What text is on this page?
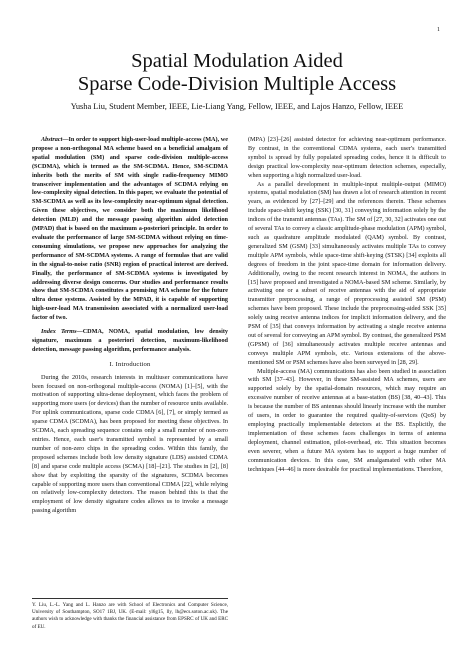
1
Spatial Modulation Aided
Sparse Code-Division Multiple Access
Yusha Liu, Student Member, IEEE, Lie-Liang Yang, Fellow, IEEE, and Lajos Hanzo, Fellow, IEEE

Abstract—In order to support high-user-load multiple-access (MA), we propose a non-orthogonal MA scheme based on a beneficial amalgam of spatial modulation (SM) and sparse code-division multiple-access (SCDMA), which is termed as the SM-SCDMA. Hence, SM-SCDMA inherits both the merits of SM with single radio-frequency MIMO transceiver implementation and the advantages of SCDMA relying on low-complexity signal detection. In this paper, we evaluate the potential of SM-SCDMA as well as its low-complexity near-optimum signal detection. Given these objectives, we consider both the maximum likelihood detection (MLD) and the message passing algorithm aided detection (MPAD) that is based on the maximum a-posteriori principle. In order to evaluate the performance of large SM-SCDMA without relying on time-consuming simulations, we propose new approaches for analyzing the performance of SM-SCDMA systems. A range of formulas that are valid in the signal-to-noise ratio (SNR) region of practical interest are derived. Finally, the performance of SM-SCDMA systems is investigated by addressing diverse design concerns. Our studies and performance results show that SM-SCDMA constitutes a promising MA scheme for the future ultra dense systems. Assisted by the MPAD, it is capable of supporting high-user-load MA transmission associated with a normalized user-load factor of two.

Index Terms—CDMA, NOMA, spatial modulation, low density signature, maximum a posteriori detection, maximum-likelihood detection, message passing algorithm, performance analysis.

I. Introduction

During the 2010s, research interests in multiuser communications have been focused on non-orthogonal multiple-access (NOMA) [1]–[5], with the motivation of supporting ultra-dense deployment, which faces the problem of supporting more users (or devices) than the number of resource units available. For uplink communications, sparse code CDMA [6], [7], or simply termed as sparse CDMA (SCDMA), has been proposed for meeting these objectives. In SCDMA, each spreading sequence contains only a small number of non-zero entries. Hence, each user's transmitted symbol is represented by a small number of non-zero chips in the spreading codes. Within this family, the proposed schemes include both low density signature (LDS) assisted CDMA [8] and sparse code multiple access (SCMA) [18]–[21]. The studies in [2], [8] show that by exploiting the sparsity of the signatures, SCDMA becomes capable of supporting more users than conventional CDMA [22], while relying on relatively low-complexity detectors. The reason behind this is that the employment of low density signature codes allows us to invoke a message passing algorithm

Y. Liu, L.-L. Yang and L. Hanzo are with School of Electronics and Computer Science, University of Southampton, SO17 1BJ, UK. (E-mail: yl6g15, lly, lh@ecs.soton.ac.uk). The authors wish to acknowledge with thanks the financial assistance from EPSRC of UK and ERC of EU.

(MPA) [23]–[26] assisted detector for achieving near-optimum performance. By contrast, in the conventional CDMA systems, each user's transmitted symbol is spread by fully populated spreading codes, hence it is difficult to design practical low-complexity near-optimum detection schemes, especially, when supporting a high normalized user-load.

As a parallel development in multiple-input multiple-output (MIMO) systems, spatial modulation (SM) has drawn a lot of research attention in recent years, as evidenced by [27]–[29] and the references therein. These schemes include space-shift keying (SSK) [30, 31] conveying information solely by the indices of the transmit antennas (TAs). The SM of [27, 30, 32] activates one out of several TAs to convey a classic amplitude-phase modulation (APM) symbol, such as quadrature amplitude modulated (QAM) symbol. By contrast, generalized SM (GSM) [33] simultaneously activates multiple TAs to convey multiple APM symbols, while space-time shift-keying (STSK) [34] exploits all degrees of freedom in the joint space-time domain for information delivery. Additionally, owing to the recent research interest in NOMA, the authors in [15] have proposed and investigated a NOMA-based SM scheme. Similarly, by activating one or a subset of receive antennas with the aid of appropriate transmitter preprocessing, a range of preprocessing assisted SM (PSM) schemes have been proposed. These include the preprocessing-aided SSK [35] solely using receive antenna indices for implicit information delivery, and the PSM of [35] that conveys information by activating a single receive antenna out of several for conveying an APM symbol. By contrast, the generalized PSM (GPSM) of [36] simultaneously activates multiple receive antennas and conveys multiple APM symbols, etc. Various extensions of the above-mentioned SM or PSM schemes have also been surveyed in [28, 29].

Multiple-access (MA) communications has also been studied in association with SM [37–43]. However, in these SM-assisted MA schemes, users are supported solely by the spatial-domain resources, which may require an excessive number of receive antennas at a base-station (BS) [38, 40–43]. This is because the number of BS antennas should linearly increase with the number of users, in order to guarantee the required quality-of-services (QoS) by employing practically implementable detectors at the BS. Explicitly, the implementation of these schemes faces challenges in terms of antenna deployment, channel estimation, pilot-overhead, etc. This situation becomes even severer, when a future MA system has to support a huge number of communication devices. In this case, SM amalgamated with other MA techniques [44–46] is more desirable for practical implementations. Therefore,
